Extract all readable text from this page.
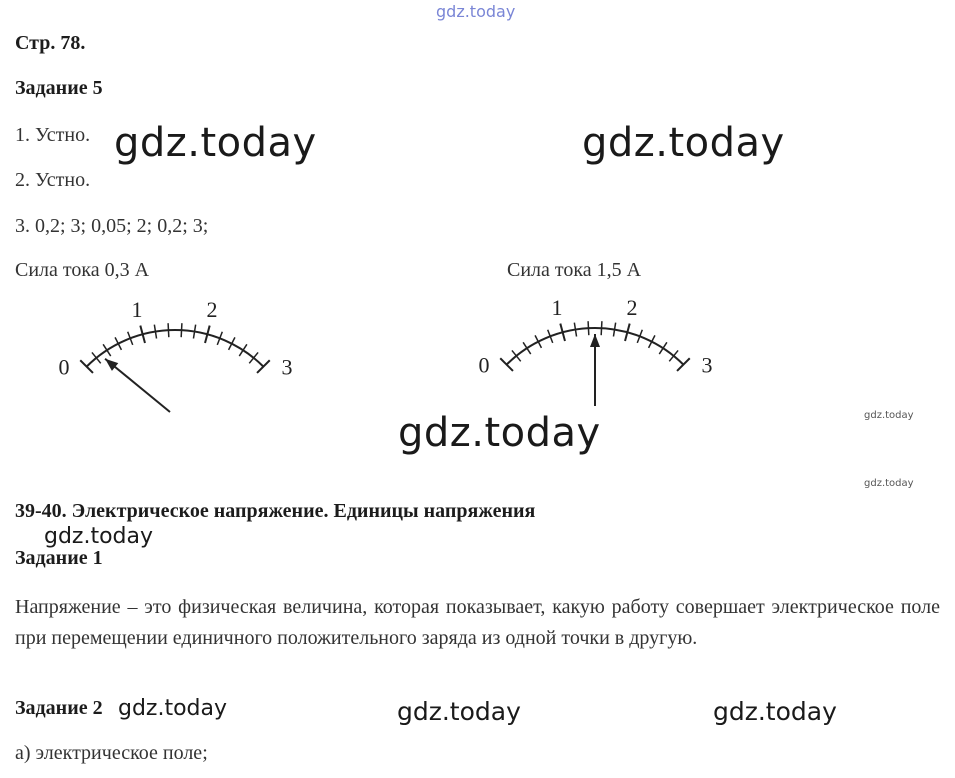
gdz.today
Стр. 78.
Задание 5
1. Устно.
2. Устно.
3. 0,2; 3; 0,05; 2; 0,2; 3;
gdz.today	gdz.today
Сила тока 0,3 А	Сила тока 1,5 А
0
1	2
3	0
1	2
3
gdz.today	gdz.today
gdz.today
39-40. Электрическое напряжение. Единицы напряжения
gdz.today
Задание 1
Напряжение – это физическая величина, которая показывает, какую работу совершает электрическое поле при перемещении единичного положительного заряда из одной точки в другую.
Задание 2 gdz.today	gdz.today	gdz.today
а) электрическое поле;
